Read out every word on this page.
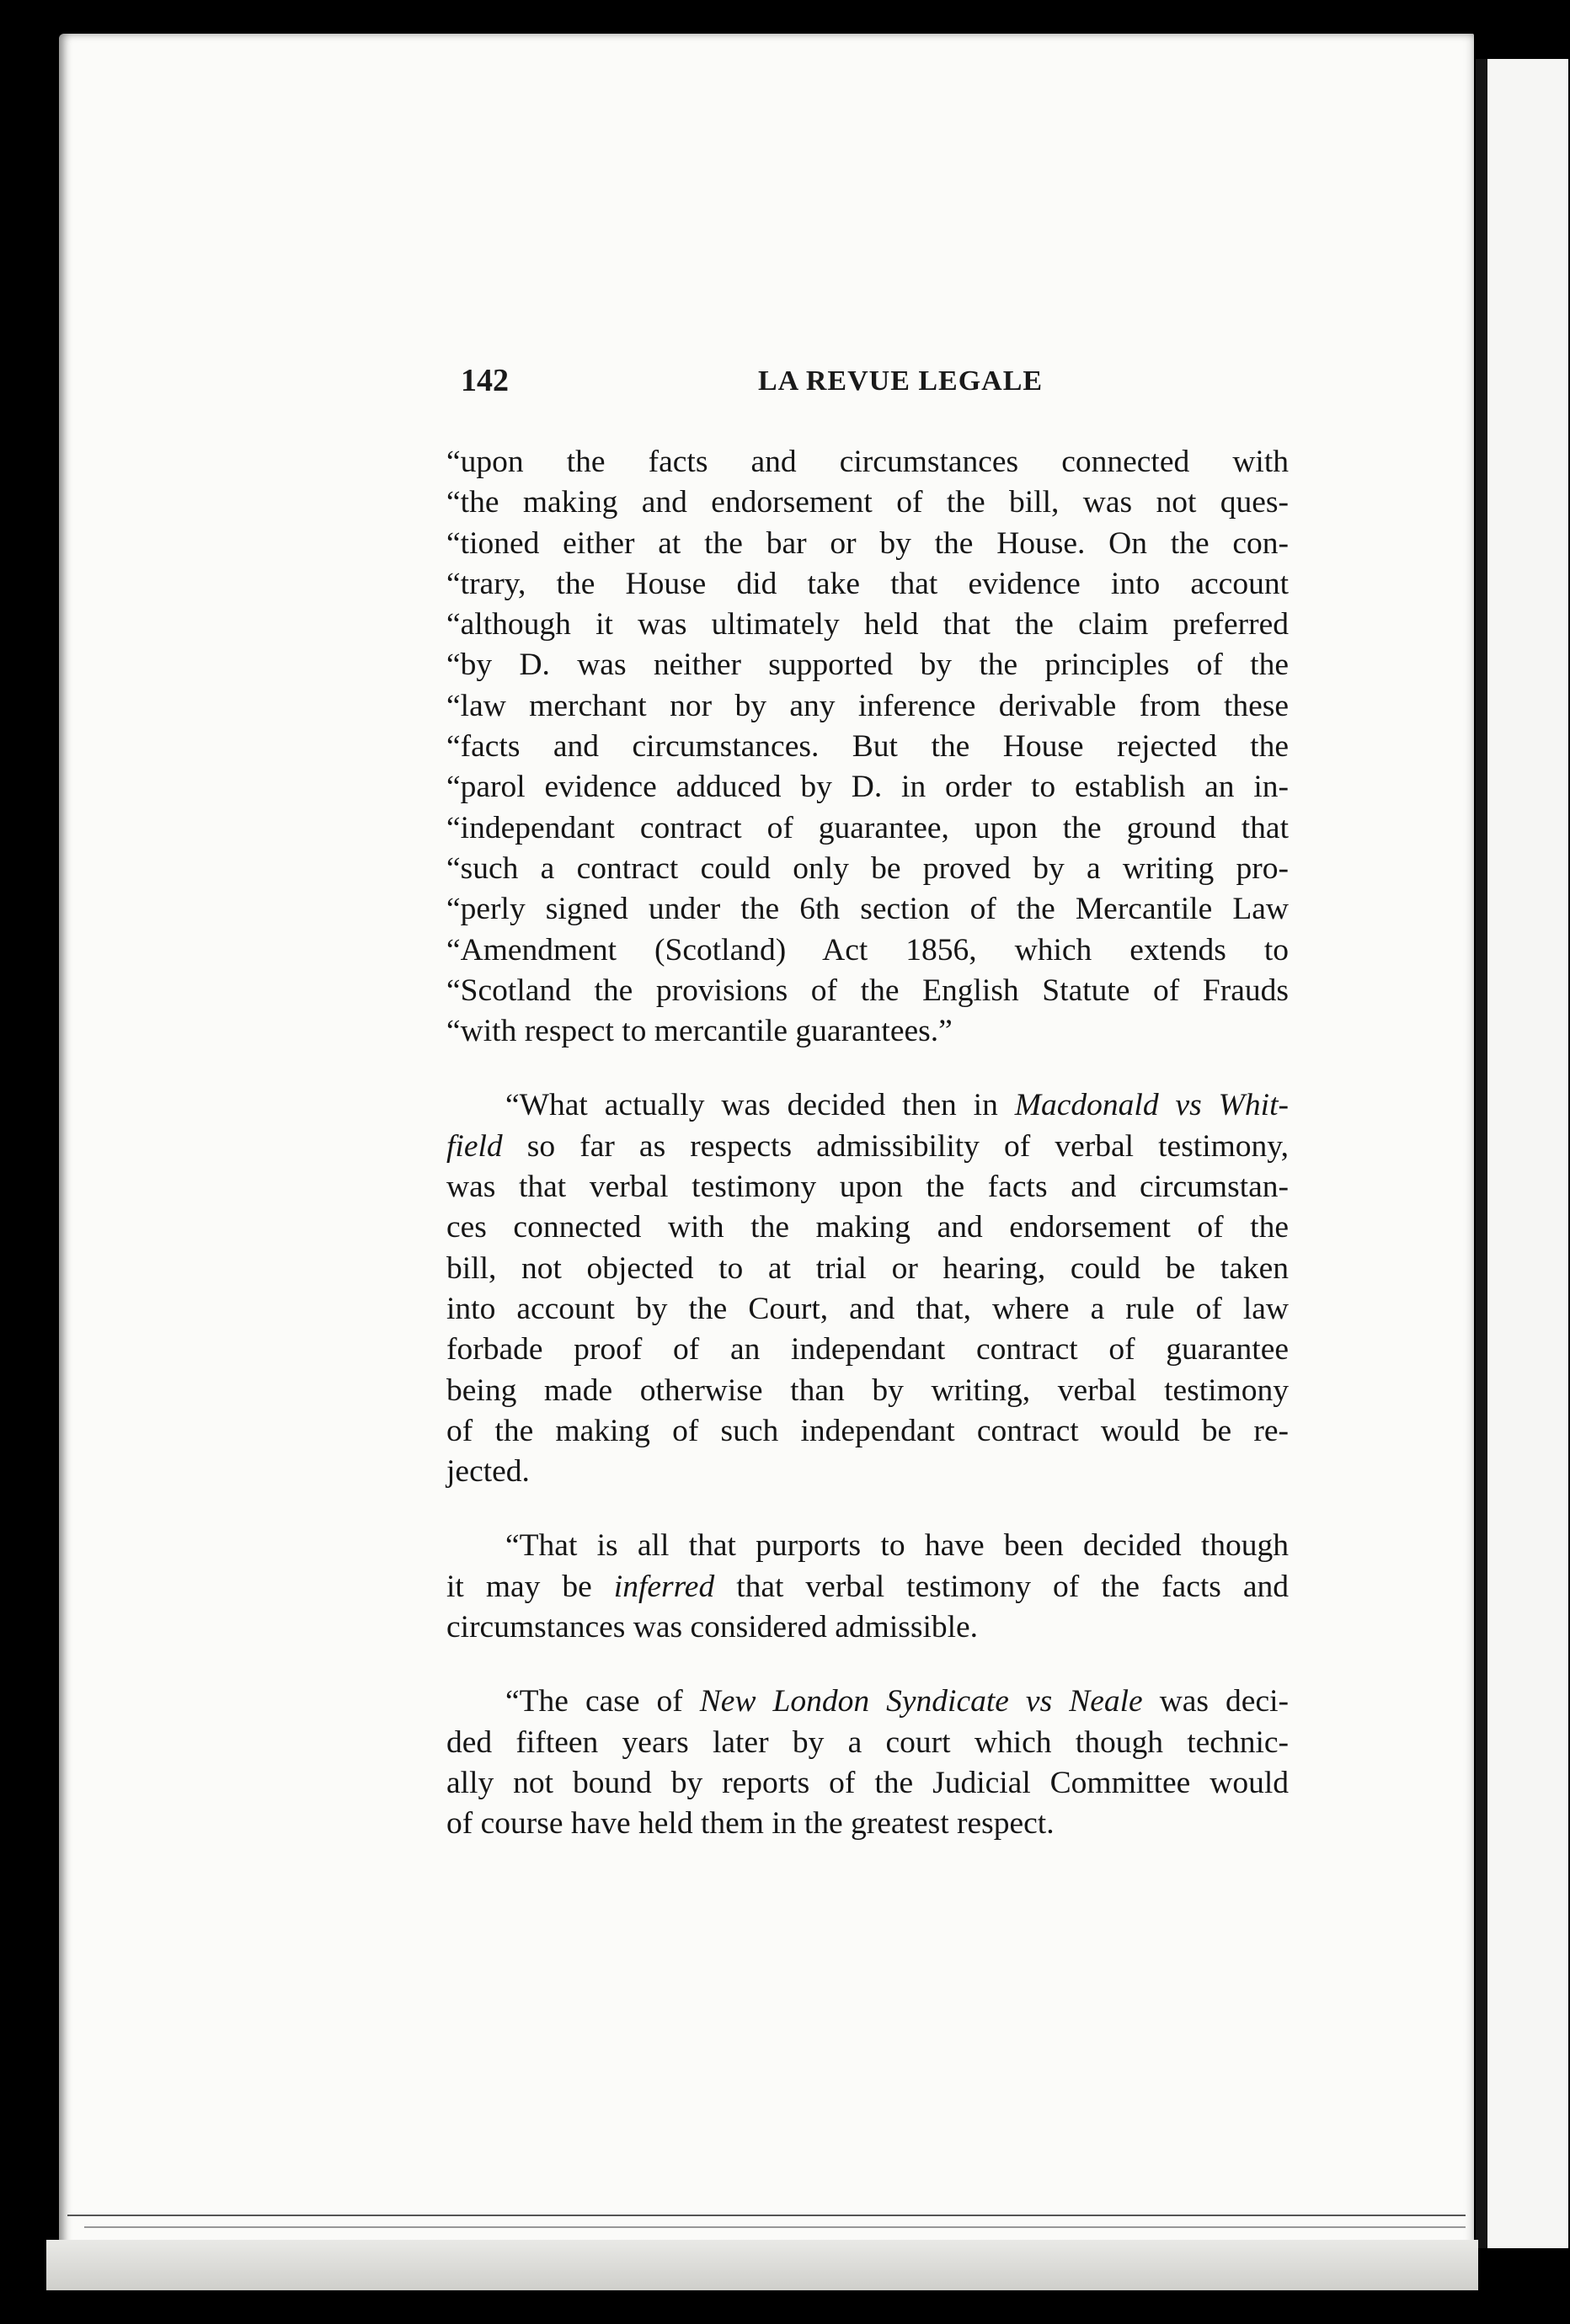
142	LA REVUE LEGALE
“upon the facts and circumstances connected with
“the making and endorsement of the bill, was not ques-
“tioned either at the bar or by the House. On the con-
“trary, the House did take that evidence into account
“although it was ultimately held that the claim preferred
“by D. was neither supported by the principles of the
“law merchant nor by any inference derivable from these
“facts and circumstances. But the House rejected the
“parol evidence adduced by D. in order to establish an in-
“independant contract of guarantee, upon the ground that
“such a contract could only be proved by a writing pro-
“perly signed under the 6th section of the Mercantile Law
“Amendment (Scotland) Act 1856, which extends to
“Scotland the provisions of the English Statute of Frauds
“with respect to mercantile guarantees.”
“What actually was decided then in Macdonald vs Whit-
field so far as respects admissibility of verbal testimony,
was that verbal testimony upon the facts and circumstan-
ces connected with the making and endorsement of the
bill, not objected to at trial or hearing, could be taken
into account by the Court, and that, where a rule of law
forbade proof of an independant contract of guarantee
being made otherwise than by writing, verbal testimony
of the making of such independant contract would be re-
jected.
“That is all that purports to have been decided though
it may be inferred that verbal testimony of the facts and
circumstances was considered admissible.
“The case of New London Syndicate vs Neale was deci-
ded fifteen years later by a court which though technic-
ally not bound by reports of the Judicial Committee would
of course have held them in the greatest respect.
